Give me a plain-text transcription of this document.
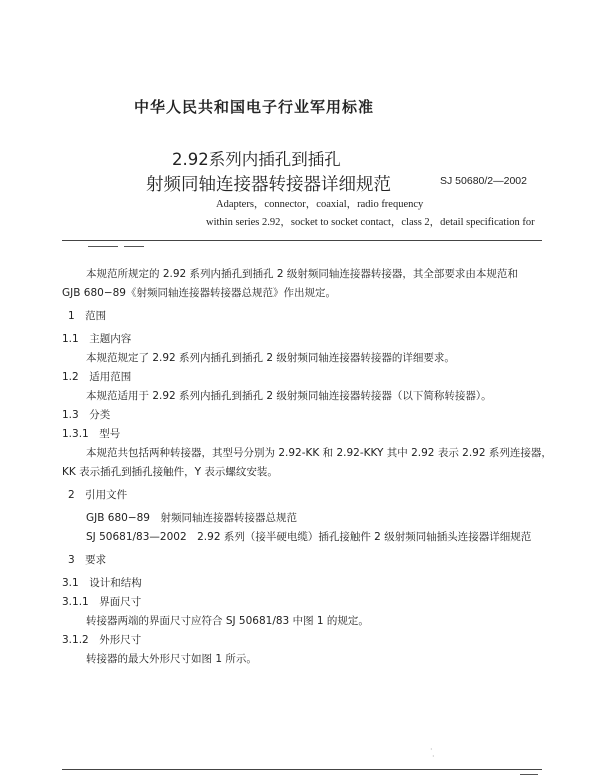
中华人民共和国电子行业军用标准
2.92系列内插孔到插孔
射频同轴连接器转接器详细规范	SJ 50680/2—2002
Adapters，connector，coaxial，radio frequency
within series 2.92，socket to socket contact，class 2，detail specification for
本规范所规定的 2.92 系列内插孔到插孔 2 级射频同轴连接器转接器，其全部要求由本规范和
GJB 680−89《射频同轴连接器转接器总规范》作出规定。
1　范围
1.1　主题内容
本规范规定了 2.92 系列内插孔到插孔 2 级射频同轴连接器转接器的详细要求。
1.2　适用范围
本规范适用于 2.92 系列内插孔到插孔 2 级射频同轴连接器转接器（以下简称转接器）。
1.3　分类
1.3.1　型号
本规范共包括两种转接器，其型号分别为 2.92-KK 和 2.92-KKY 其中 2.92 表示 2.92 系列连接器，
KK 表示插孔到插孔接触件，Y 表示螺纹安装。
2　引用文件
GJB 680−89　射频同轴连接器转接器总规范
SJ 50681/83—2002　2.92 系列（接半硬电缆）插孔接触件 2 级射频同轴插头连接器详细规范
3　要求
3.1　设计和结构
3.1.1　界面尺寸
转接器两端的界面尺寸应符合 SJ 50681/83 中图 1 的规定。
3.1.2　外形尺寸
转接器的最大外形尺寸如图 1 所示。
·
·
